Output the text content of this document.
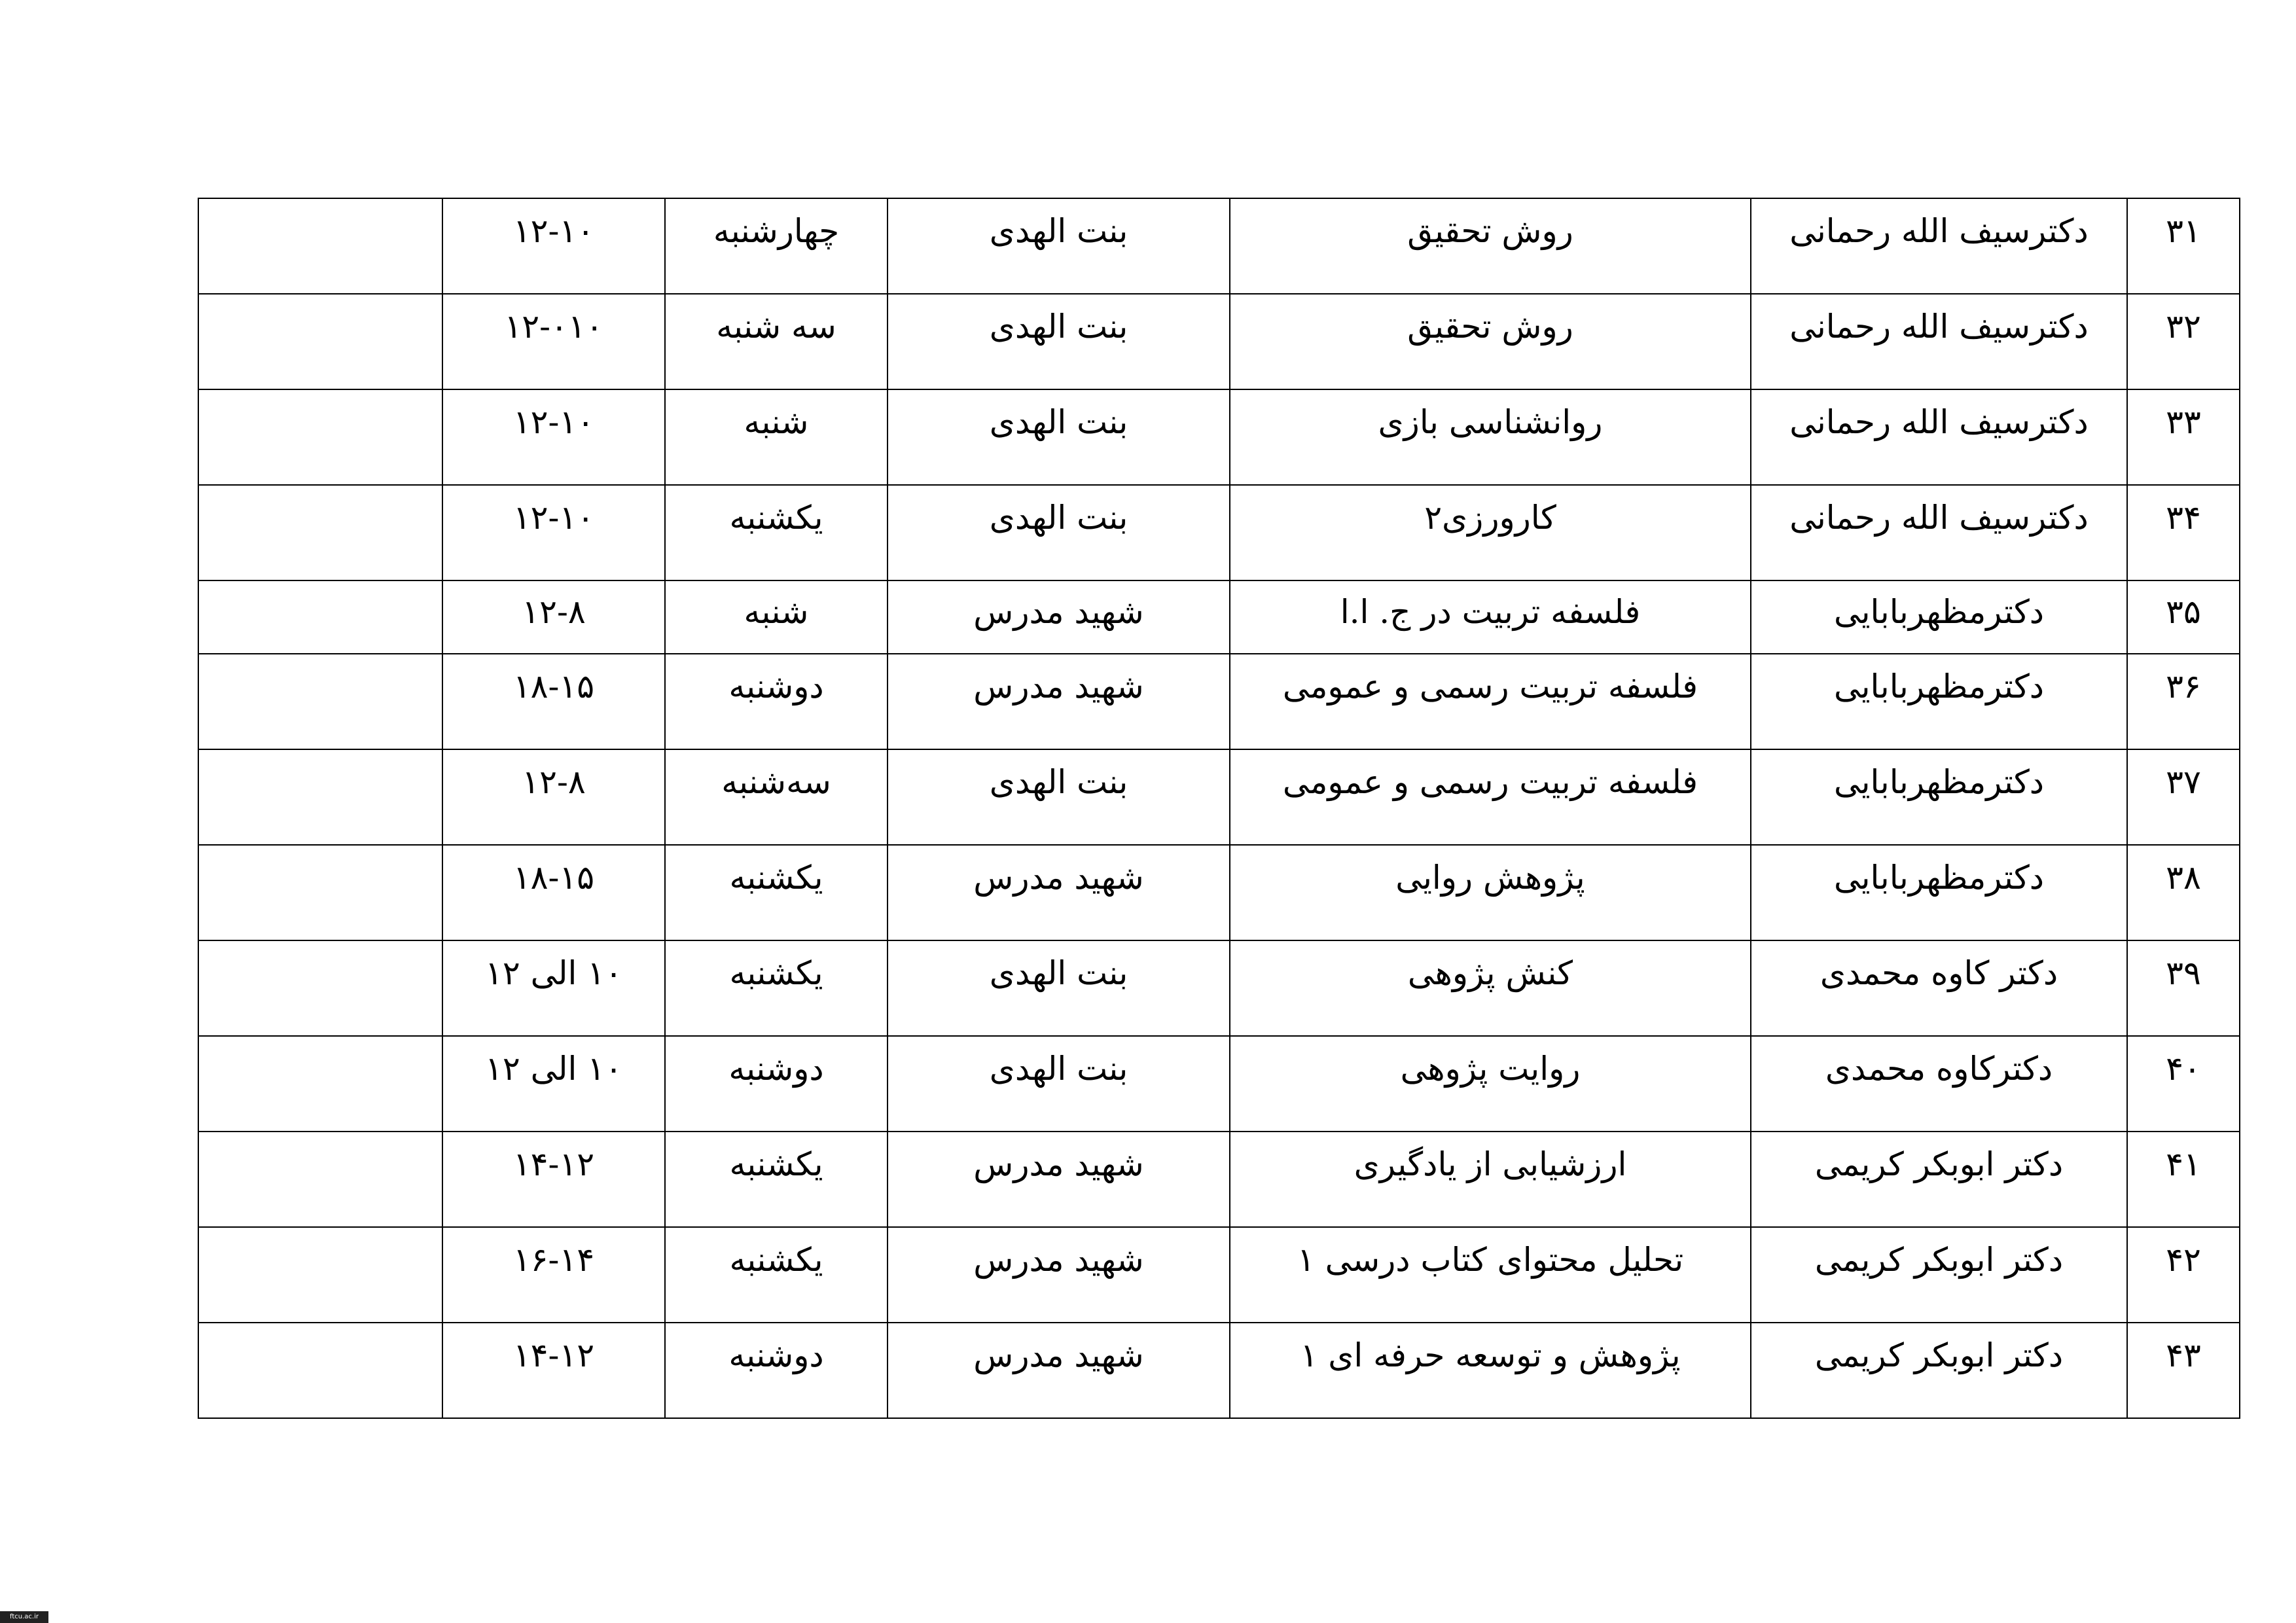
۳۱	دکترسیف الله رحمانی	روش تحقیق	بنت الهدی	چهارشنبه	۱۲-۱۰	
۳۲	دکترسیف الله رحمانی	روش تحقیق	بنت الهدی	سه شنبه	۱۲-۰۱۰	
۳۳	دکترسیف الله رحمانی	روانشناسی بازی	بنت الهدی	شنبه	۱۲-۱۰	
۳۴	دکترسیف الله رحمانی	کارورزی۲	بنت الهدی	یکشنبه	۱۲-۱۰	
۳۵	دکترمظهربابایی	فلسفه تربیت در ج. ا.ا	شهید مدرس	شنبه	۱۲-۸	
۳۶	دکترمظهربابایی	فلسفه تربیت رسمی و عمومی	شهید مدرس	دوشنبه	۱۸-۱۵	
۳۷	دکترمظهربابایی	فلسفه تربیت رسمی و عمومی	بنت الهدی	سه‌شنبه	۱۲-۸	
۳۸	دکترمظهربابایی	پژوهش روایی	شهید مدرس	یکشنبه	۱۸-۱۵	
۳۹	دکتر کاوه محمدی	کنش پژوهی	بنت الهدی	یکشنبه	۱۰ الی ۱۲	
۴۰	دکترکاوه محمدی	روایت پژوهی	بنت الهدی	دوشنبه	۱۰ الی ۱۲	
۴۱	دکتر ابوبکر کریمی	ارزشیابی از یادگیری	شهید مدرس	یکشنبه	۱۴-۱۲	
۴۲	دکتر ابوبکر کریمی	تحلیل محتوای کتاب درسی ۱	شهید مدرس	یکشنبه	۱۶-۱۴	
۴۳	دکتر ابوبکر کریمی	پژوهش و توسعه حرفه ای ۱	شهید مدرس	دوشنبه	۱۴-۱۲	
ftcu.ac.ir
